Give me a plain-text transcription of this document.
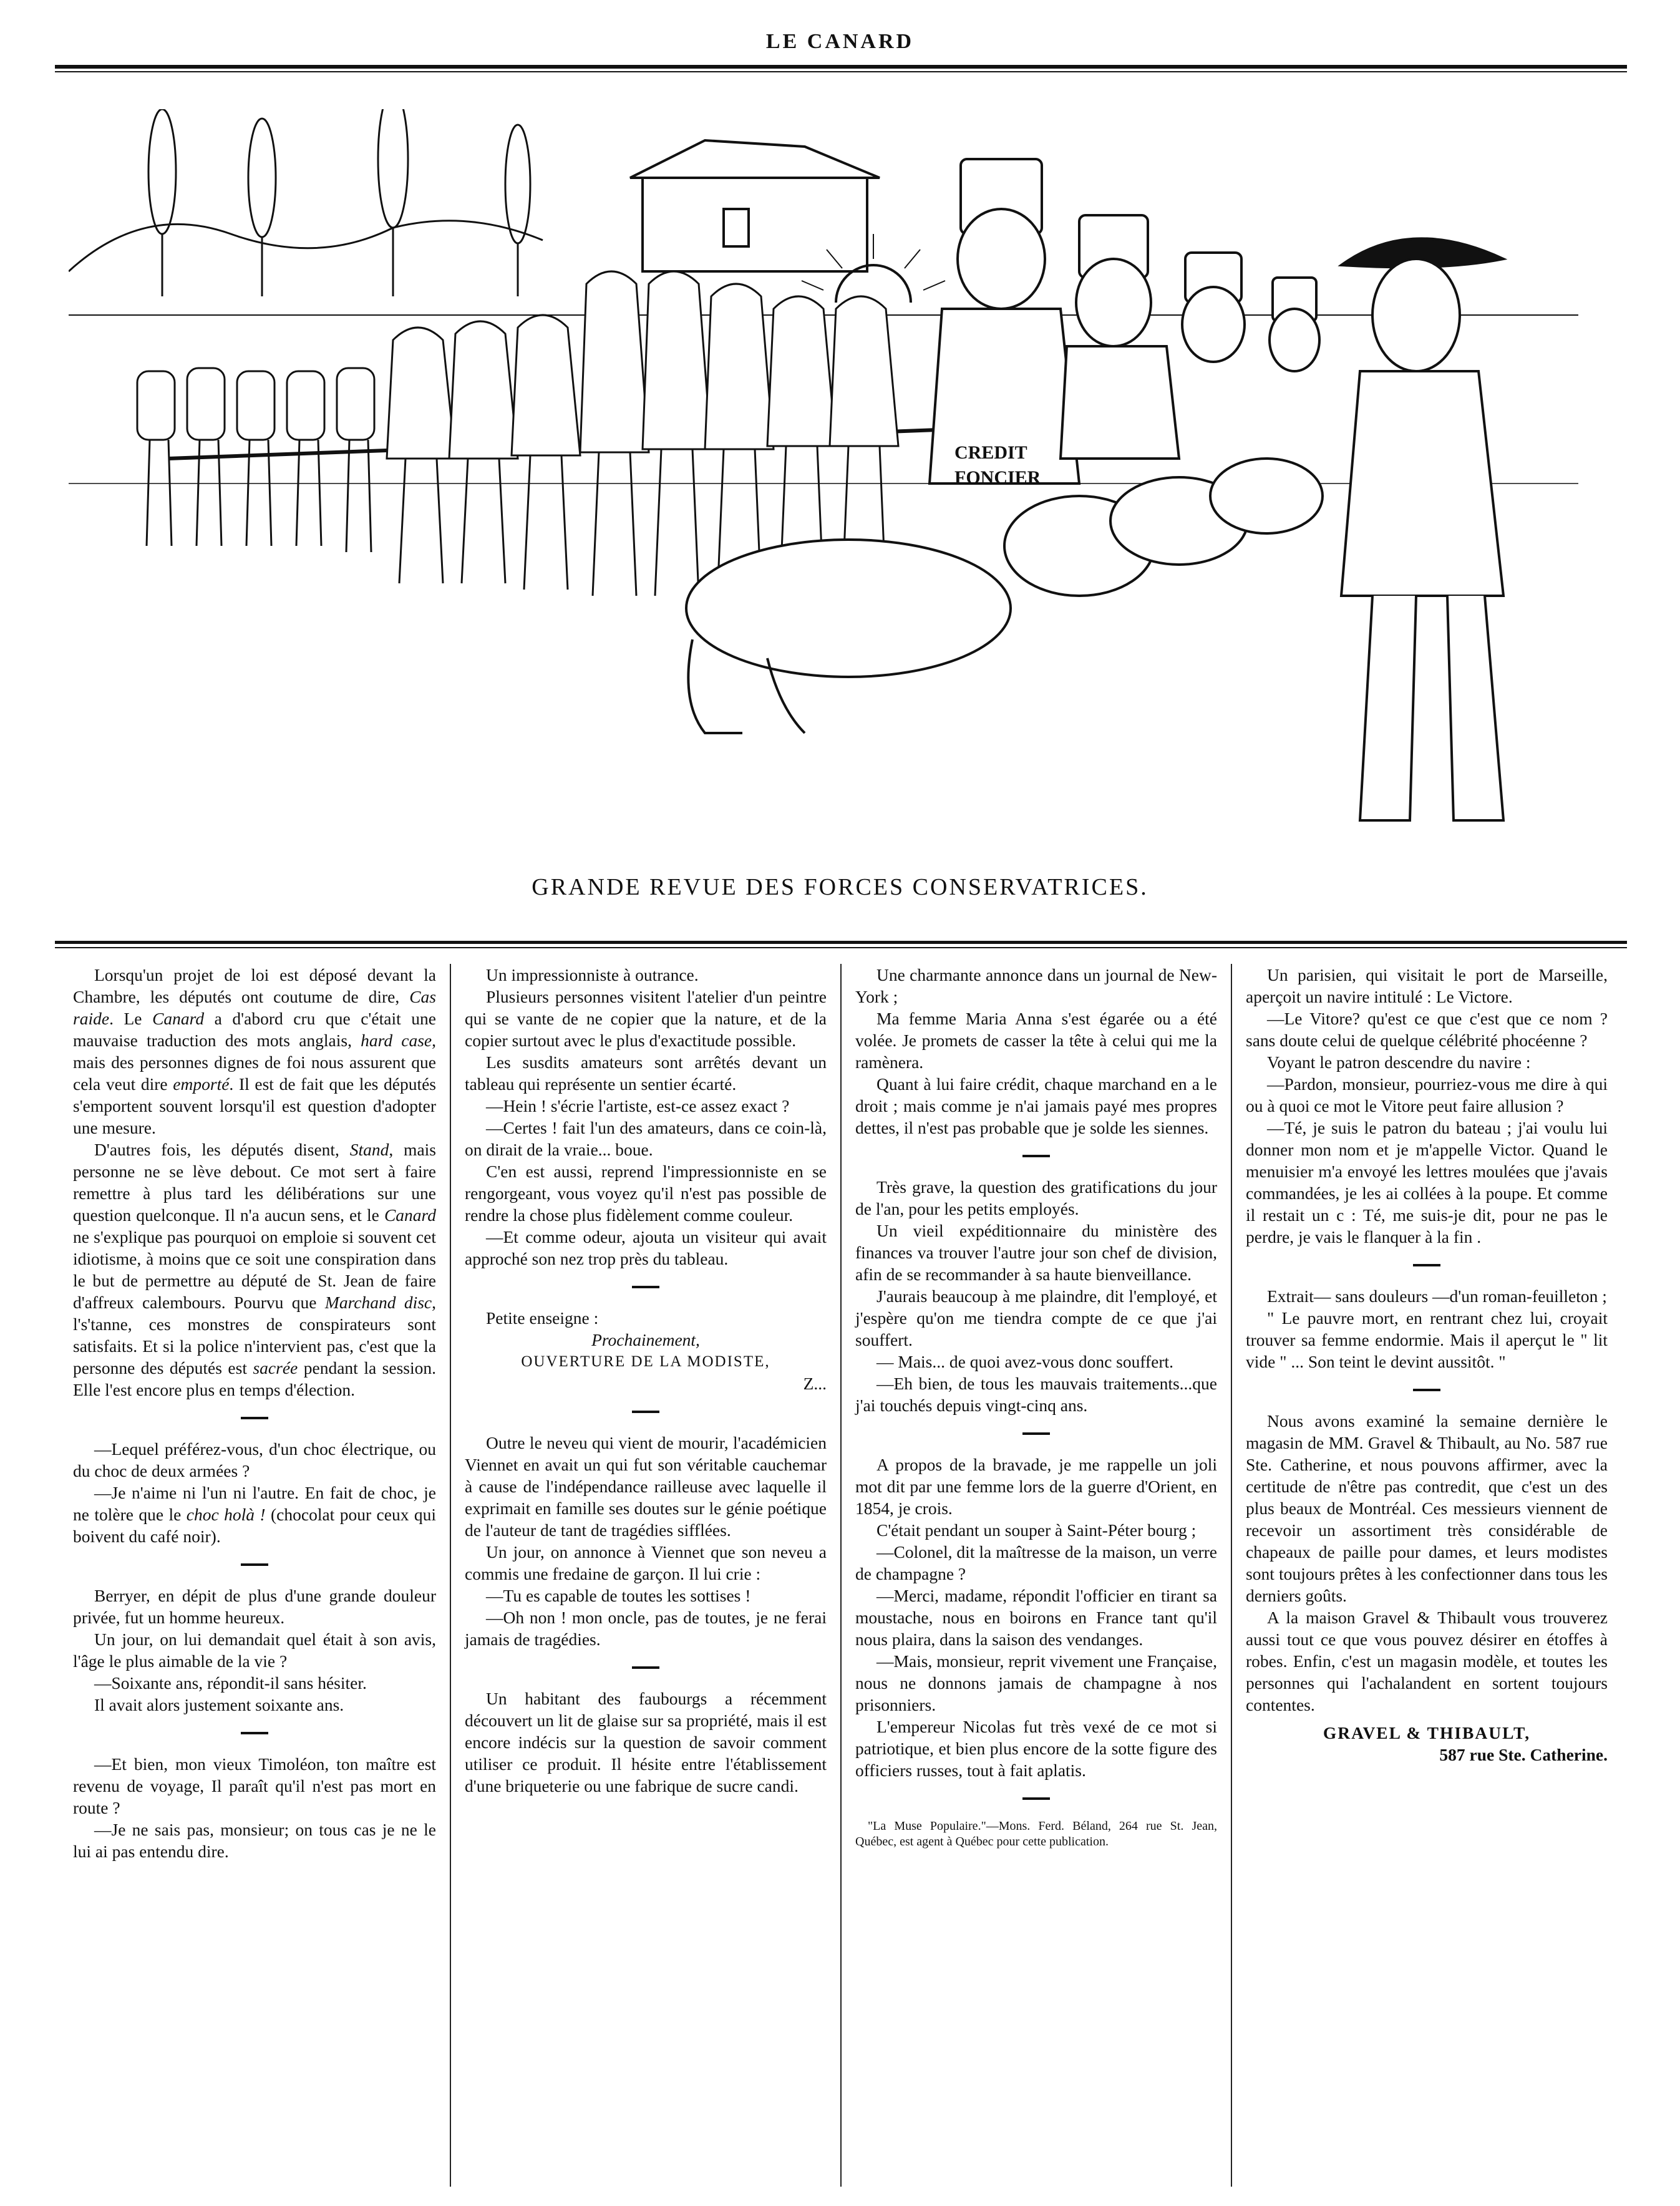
LE CANARD
CREDIT
FONCIER
GRANDE REVUE DES FORCES CONSERVATRICES.

Lorsqu'un projet de loi est déposé devant la Chambre, les députés ont coutume de dire, Cas raide. Le Canard a d'abord cru que c'était une mauvaise traduction des mots anglais, hard case, mais des personnes dignes de foi nous assurent que cela veut dire emporté. Il est de fait que les députés s'emportent souvent lorsqu'il est question d'adopter une mesure.

D'autres fois, les députés disent, Stand, mais personne ne se lève debout. Ce mot sert à faire remettre à plus tard les délibérations sur une question quelconque. Il n'a aucun sens, et le Canard ne s'explique pas pourquoi on emploie si souvent cet idiotisme, à moins que ce soit une conspiration dans le but de permettre au député de St. Jean de faire d'affreux calembours. Pourvu que Marchand disc, l's'tanne, ces monstres de conspirateurs sont satisfaits. Et si la police n'intervient pas, c'est que la personne des députés est sacrée pendant la session. Elle l'est encore plus en temps d'élection.

—Lequel préférez-vous, d'un choc électrique, ou du choc de deux armées ?

—Je n'aime ni l'un ni l'autre. En fait de choc, je ne tolère que le choc holà ! (chocolat pour ceux qui boivent du café noir).

Berryer, en dépit de plus d'une grande douleur privée, fut un homme heureux.

Un jour, on lui demandait quel était à son avis, l'âge le plus aimable de la vie ?

—Soixante ans, répondit-il sans hésiter.

Il avait alors justement soixante ans.

—Et bien, mon vieux Timoléon, ton maître est revenu de voyage, Il paraît qu'il n'est pas mort en route ?

—Je ne sais pas, monsieur; on tous cas je ne le lui ai pas entendu dire.

Un impressionniste à outrance.

Plusieurs personnes visitent l'atelier d'un peintre qui se vante de ne copier que la nature, et de la copier surtout avec le plus d'exactitude possible.

Les susdits amateurs sont arrêtés devant un tableau qui représente un sentier écarté.

—Hein ! s'écrie l'artiste, est-ce assez exact ?

—Certes ! fait l'un des amateurs, dans ce coin-là, on dirait de la vraie... boue.

C'en est aussi, reprend l'impressionniste en se rengorgeant, vous voyez qu'il n'est pas possible de rendre la chose plus fidèlement comme couleur.

—Et comme odeur, ajouta un visiteur qui avait approché son nez trop près du tableau.

Petite enseigne :

Prochainement,

OUVERTURE DE LA MODISTE,

Z...

Outre le neveu qui vient de mourir, l'académicien Viennet en avait un qui fut son véritable cauchemar à cause de l'indépendance railleuse avec laquelle il exprimait en famille ses doutes sur le génie poétique de l'auteur de tant de tragédies sifflées.

Un jour, on annonce à Viennet que son neveu a commis une fredaine de garçon. Il lui crie :

—Tu es capable de toutes les sottises !

—Oh non ! mon oncle, pas de toutes, je ne ferai jamais de tragédies.

Un habitant des faubourgs a récemment découvert un lit de glaise sur sa propriété, mais il est encore indécis sur la question de savoir comment utiliser ce produit. Il hésite entre l'établissement d'une briqueterie ou une fabrique de sucre candi.

Une charmante annonce dans un journal de New-York ;

Ma femme Maria Anna s'est égarée ou a été volée. Je promets de casser la tête à celui qui me la ramènera.

Quant à lui faire crédit, chaque marchand en a le droit ; mais comme je n'ai jamais payé mes propres dettes, il n'est pas probable que je solde les siennes.

Très grave, la question des gratifications du jour de l'an, pour les petits employés.

Un vieil expéditionnaire du ministère des finances va trouver l'autre jour son chef de division, afin de se recommander à sa haute bienveillance.

J'aurais beaucoup à me plaindre, dit l'employé, et j'espère qu'on me tiendra compte de ce que j'ai souffert.

— Mais... de quoi avez-vous donc souffert.

—Eh bien, de tous les mauvais traitements...que j'ai touchés depuis vingt-cinq ans.

A propos de la bravade, je me rappelle un joli mot dit par une femme lors de la guerre d'Orient, en 1854, je crois.

C'était pendant un souper à Saint-Péter bourg ;

—Colonel, dit la maîtresse de la maison, un verre de champagne ?

—Merci, madame, répondit l'officier en tirant sa moustache, nous en boirons en France tant qu'il nous plaira, dans la saison des vendanges.

—Mais, monsieur, reprit vivement une Française, nous ne donnons jamais de champagne à nos prisonniers.

L'empereur Nicolas fut très vexé de ce mot si patriotique, et bien plus encore de la sotte figure des officiers russes, tout à fait aplatis.

"La Muse Populaire."—Mons. Ferd. Béland, 264 rue St. Jean, Québec, est agent à Québec pour cette publication.

Un parisien, qui visitait le port de Marseille, aperçoit un navire intitulé : Le Victore.

—Le Vitore? qu'est ce que c'est que ce nom ? sans doute celui de quelque célébrité phocéenne ?

Voyant le patron descendre du navire :

—Pardon, monsieur, pourriez-vous me dire à qui ou à quoi ce mot le Vitore peut faire allusion ?

—Té, je suis le patron du bateau ; j'ai voulu lui donner mon nom et je m'appelle Victor. Quand le menuisier m'a envoyé les lettres moulées que j'avais commandées, je les ai collées à la poupe. Et comme il restait un c : Té, me suis-je dit, pour ne pas le perdre, je vais le flanquer à la fin .

Extrait— sans douleurs —d'un roman-feuilleton ;

" Le pauvre mort, en rentrant chez lui, croyait trouver sa femme endormie. Mais il aperçut le " lit vide " ... Son teint le devint aussitôt. "

Nous avons examiné la semaine dernière le magasin de MM. Gravel & Thibault, au No. 587 rue Ste. Catherine, et nous pouvons affirmer, avec la certitude de n'être pas contredit, que c'est un des plus beaux de Montréal. Ces messieurs viennent de recevoir un assortiment très considérable de chapeaux de paille pour dames, et leurs modistes sont toujours prêtes à les confectionner dans tous les derniers goûts.

A la maison Gravel & Thibault vous trouverez aussi tout ce que vous pouvez désirer en étoffes à robes. Enfin, c'est un magasin modèle, et toutes les personnes qui l'achalandent en sortent toujours contentes.

GRAVEL & THIBAULT,

587 rue Ste. Catherine.
